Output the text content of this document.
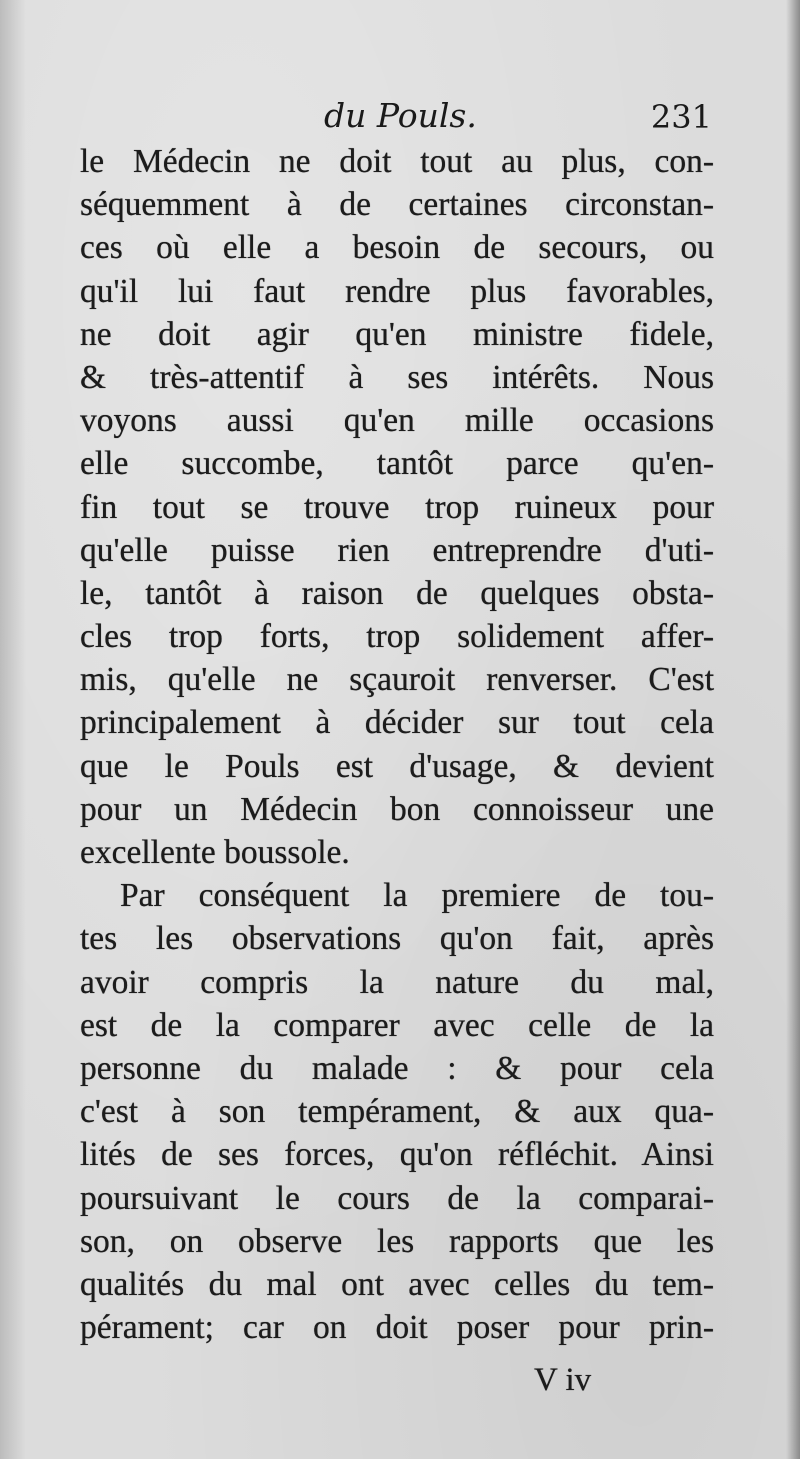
du Pouls.	231
le Médecin ne doit tout au plus, con-
séquemment à de certaines circonstan-
ces où elle a besoin de secours, ou
qu'il lui faut rendre plus favorables,
ne doit agir qu'en ministre fidele,
& très-attentif à ses intérêts. Nous
voyons aussi qu'en mille occasions
elle succombe, tantôt parce qu'en-
fin tout se trouve trop ruineux pour
qu'elle puisse rien entreprendre d'uti-
le, tantôt à raison de quelques obsta-
cles trop forts, trop solidement affer-
mis, qu'elle ne sçauroit renverser. C'est
principalement à décider sur tout cela
que le Pouls est d'usage, & devient
pour un Médecin bon connoisseur une
excellente boussole.
Par conséquent la premiere de tou-
tes les observations qu'on fait, après
avoir compris la nature du mal,
est de la comparer avec celle de la
personne du malade : & pour cela
c'est à son tempérament, & aux qua-
lités de ses forces, qu'on réfléchit. Ainsi
poursuivant le cours de la comparai-
son, on observe les rapports que les
qualités du mal ont avec celles du tem-
pérament; car on doit poser pour prin-
V iv
